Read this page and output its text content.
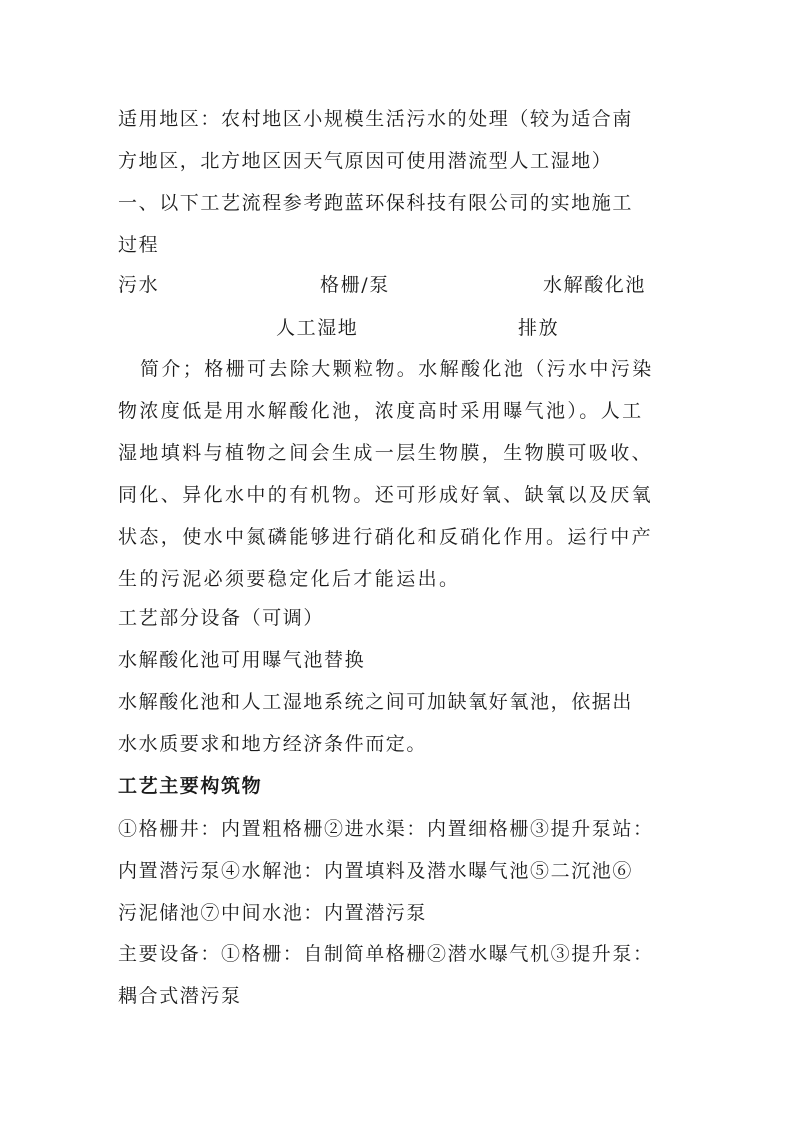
适用地区：农村地区小规模生活污水的处理（较为适合南
方地区，北方地区因天气原因可使用潜流型人工湿地）
一、以下工艺流程参考跑蓝环保科技有限公司的实地施工
过程
污水	格栅/泵	水解酸化池
人工湿地	排放
简介；格栅可去除大颗粒物。水解酸化池（污水中污染
物浓度低是用水解酸化池，浓度高时采用曝气池）。人工
湿地填料与植物之间会生成一层生物膜，生物膜可吸收、
同化、异化水中的有机物。还可形成好氧、缺氧以及厌氧
状态，使水中氮磷能够进行硝化和反硝化作用。运行中产
生的污泥必须要稳定化后才能运出。
工艺部分设备（可调）
水解酸化池可用曝气池替换
水解酸化池和人工湿地系统之间可加缺氧好氧池，依据出
水水质要求和地方经济条件而定。
工艺主要构筑物
①格栅井：内置粗格栅②进水渠：内置细格栅③提升泵站：
内置潜污泵④水解池：内置填料及潜水曝气池⑤二沉池⑥
污泥储池⑦中间水池：内置潜污泵
主要设备：①格栅：自制简单格栅②潜水曝气机③提升泵：
耦合式潜污泵
